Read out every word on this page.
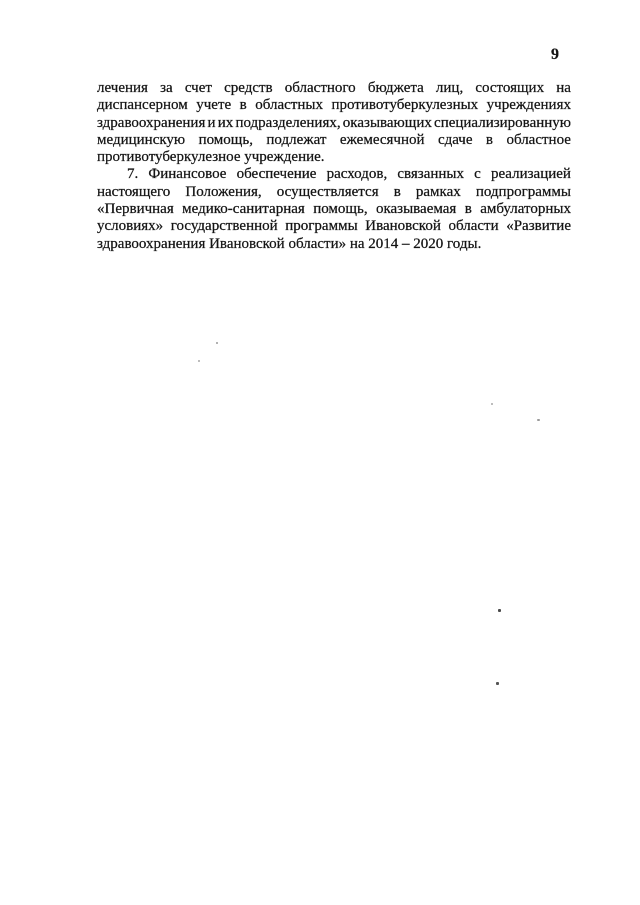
9
лечения за счет средств областного бюджета лиц, состоящих на
диспансерном учете в областных противотуберкулезных учреждениях
здравоохранения и их подразделениях, оказывающих специализированную
медицинскую помощь, подлежат ежемесячной сдаче в областное
противотуберкулезное учреждение.
7. Финансовое обеспечение расходов, связанных с реализацией
настоящего Положения, осуществляется в рамках подпрограммы
«Первичная медико-санитарная помощь, оказываемая в амбулаторных
условиях» государственной программы Ивановской области «Развитие
здравоохранения Ивановской области» на 2014 – 2020 годы.
